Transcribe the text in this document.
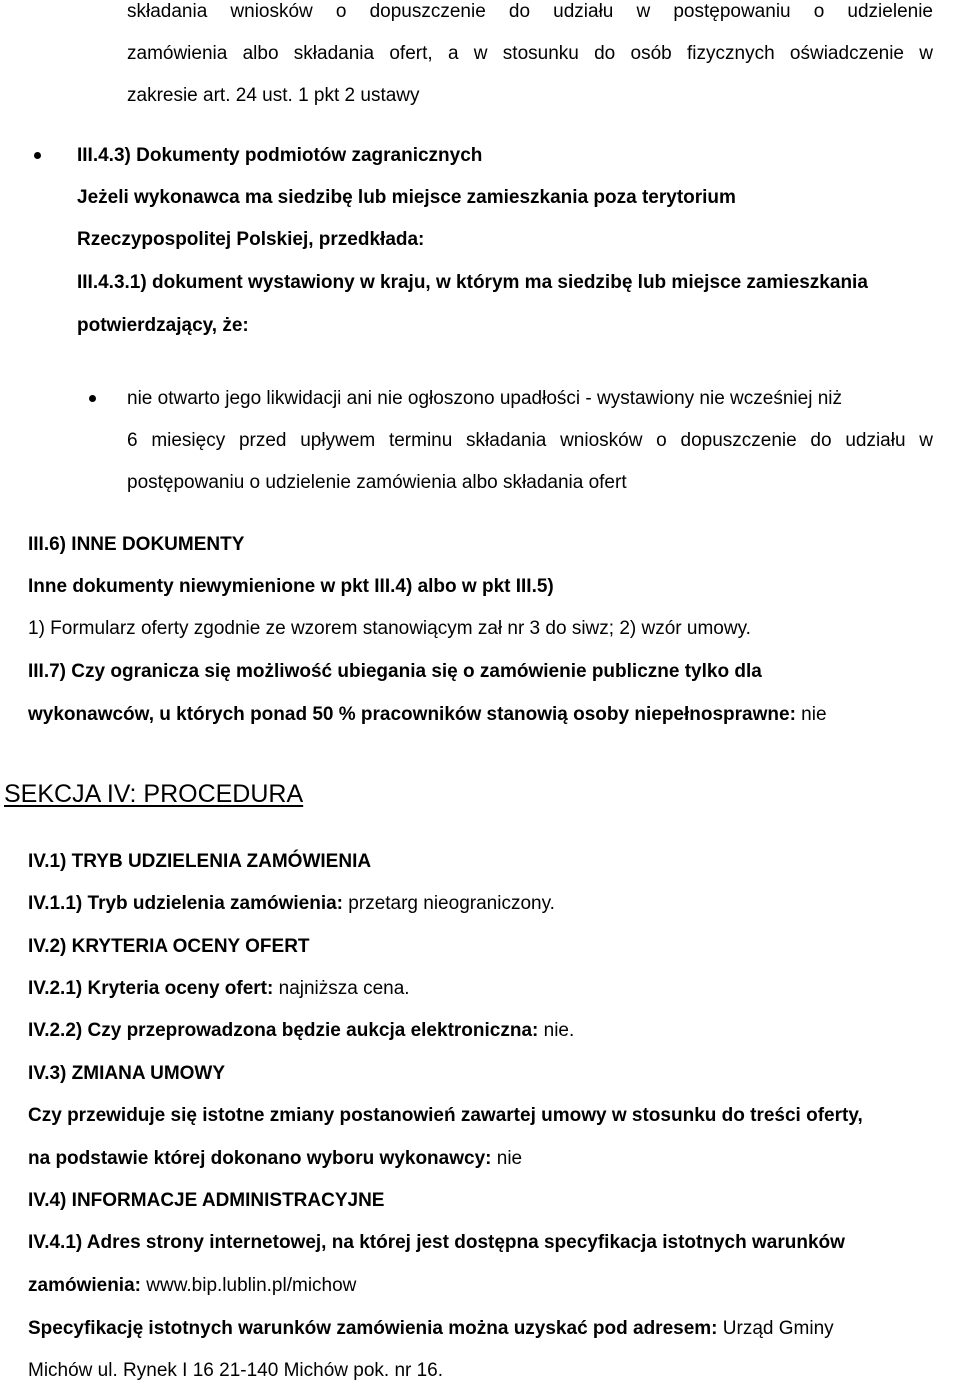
składania wniosków o dopuszczenie do udziału w postępowaniu o udzielenie
zamówienia albo składania ofert, a w stosunku do osób fizycznych oświadczenie w
zakresie art. 24 ust. 1 pkt 2 ustawy
III.4.3) Dokumenty podmiotów zagranicznych
Jeżeli wykonawca ma siedzibę lub miejsce zamieszkania poza terytorium
Rzeczypospolitej Polskiej, przedkłada:
III.4.3.1) dokument wystawiony w kraju, w którym ma siedzibę lub miejsce zamieszkania
potwierdzający, że:
nie otwarto jego likwidacji ani nie ogłoszono upadłości - wystawiony nie wcześniej niż
6 miesięcy przed upływem terminu składania wniosków o dopuszczenie do udziału w
postępowaniu o udzielenie zamówienia albo składania ofert
III.6) INNE DOKUMENTY
Inne dokumenty niewymienione w pkt III.4) albo w pkt III.5)
1) Formularz oferty zgodnie ze wzorem stanowiącym zał nr 3 do siwz; 2) wzór umowy.
III.7) Czy ogranicza się możliwość ubiegania się o zamówienie publiczne tylko dla
wykonawców, u których ponad 50 % pracowników stanowią osoby niepełnosprawne: nie
SEKCJA IV: PROCEDURA
IV.1) TRYB UDZIELENIA ZAMÓWIENIA
IV.1.1) Tryb udzielenia zamówienia: przetarg nieograniczony.
IV.2) KRYTERIA OCENY OFERT
IV.2.1) Kryteria oceny ofert: najniższa cena.
IV.2.2) Czy przeprowadzona będzie aukcja elektroniczna: nie.
IV.3) ZMIANA UMOWY
Czy przewiduje się istotne zmiany postanowień zawartej umowy w stosunku do treści oferty,
na podstawie której dokonano wyboru wykonawcy: nie
IV.4) INFORMACJE ADMINISTRACYJNE
IV.4.1) Adres strony internetowej, na której jest dostępna specyfikacja istotnych warunków
zamówienia: www.bip.lublin.pl/michow
Specyfikację istotnych warunków zamówienia można uzyskać pod adresem: Urząd Gminy
Michów ul. Rynek I 16 21-140 Michów pok. nr 16.
